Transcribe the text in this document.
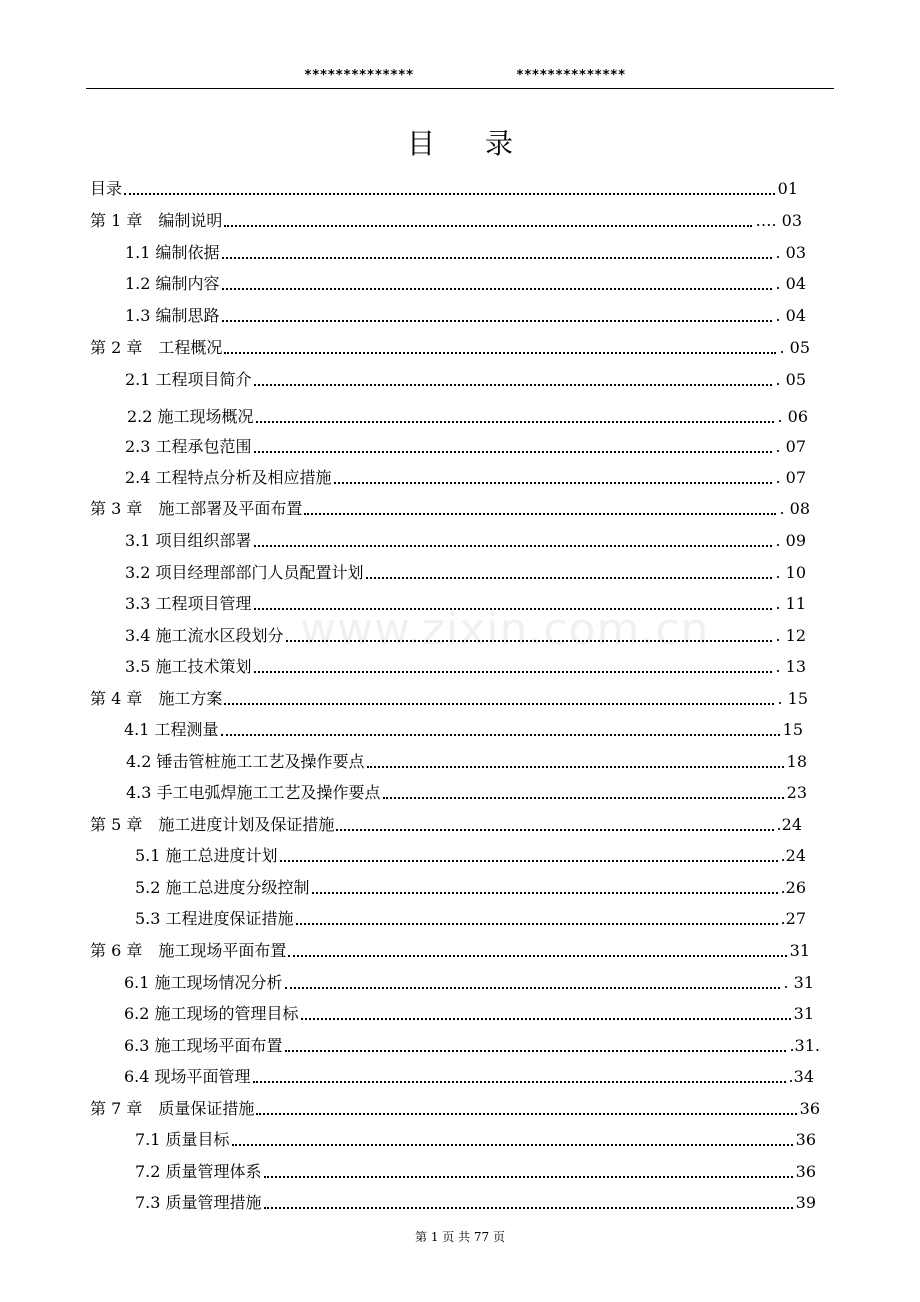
**************	**************
目录
www.zixin.com.cn
目录	01
第 1 章　编制说明	…. 03
1.1 编制依据	. 03
1.2 编制内容	. 04
1.3 编制思路	. 04
第 2 章　工程概况	. 05
2.1 工程项目简介	. 05
2.2 施工现场概况	. 06
2.3 工程承包范围	. 07
2.4 工程特点分析及相应措施	. 07
第 3 章　施工部署及平面布置	. 08
3.1 项目组织部署	. 09
3.2 项目经理部部门人员配置计划	. 10
3.3 工程项目管理	. 11
3.4 施工流水区段划分	. 12
3.5 施工技术策划	. 13
第 4 章　施工方案	. 15
4.1 工程测量	15
4.2 锤击管桩施工工艺及操作要点	18
4.3 手工电弧焊施工工艺及操作要点	23
第 5 章　施工进度计划及保证措施	.24
5.1 施工总进度计划	.24
5.2 施工总进度分级控制	.26
5.3 工程进度保证措施	.27
第 6 章　施工现场平面布置	31
6.1 施工现场情况分析	. 31
6.2 施工现场的管理目标	31
6.3 施工现场平面布置	.31.
6.4 现场平面管理	.34
第 7 章　质量保证措施	36
7.1 质量目标	36
7.2 质量管理体系	36
7.3 质量管理措施	39
第 1 页 共 77 页
